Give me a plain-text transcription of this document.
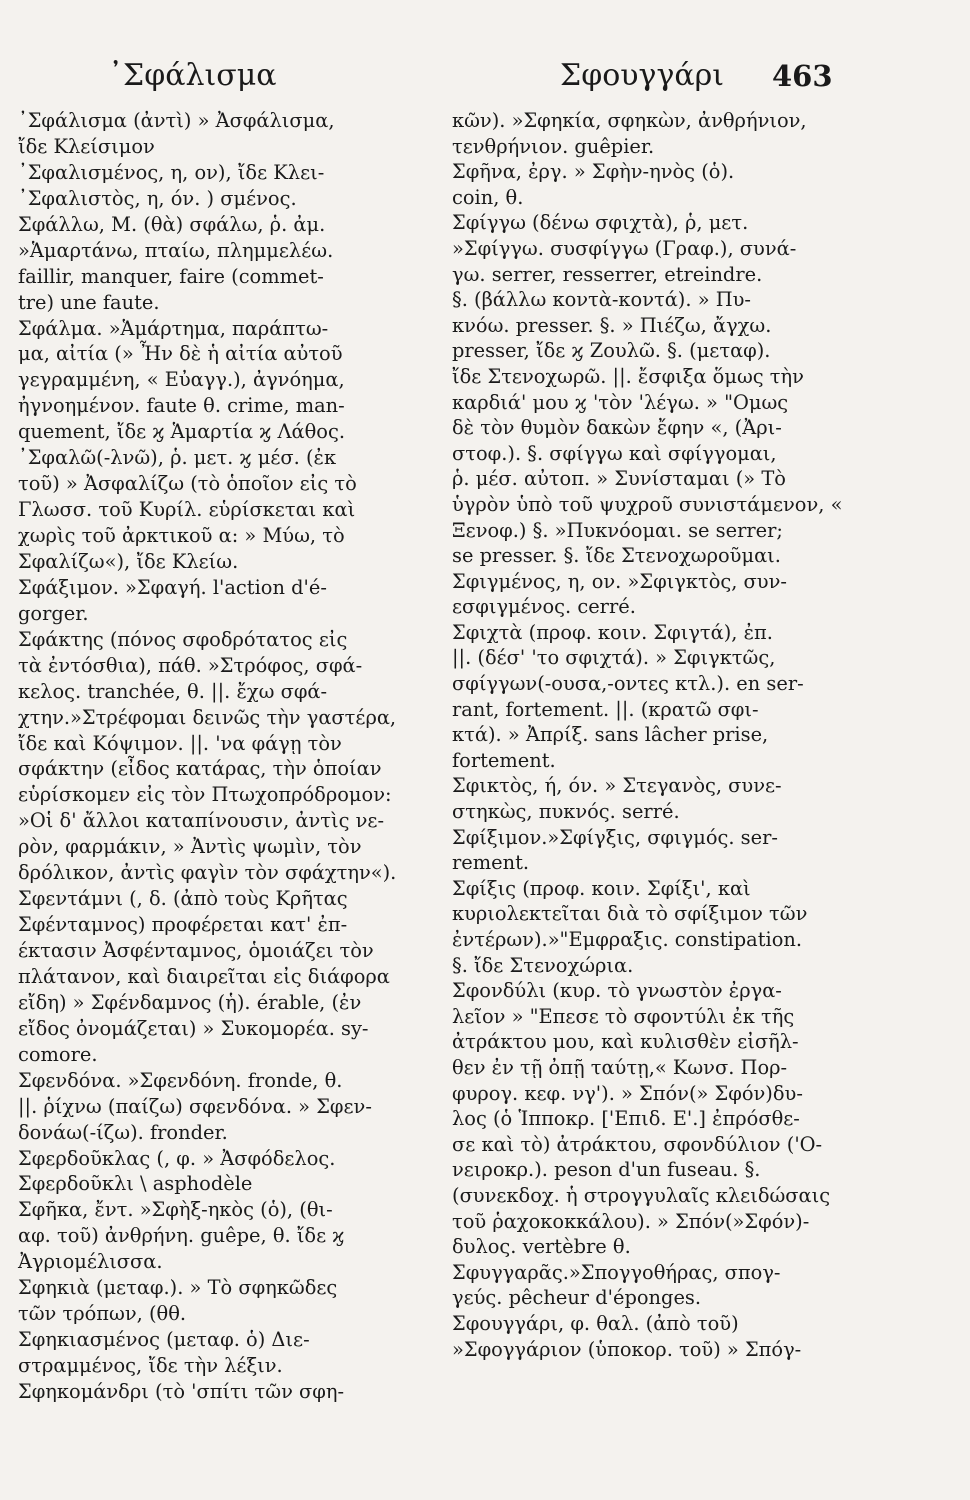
᾿Σφάλισμα	Σφουγγάρι 463
᾿Σφάλισμα (ἀντὶ) » Ἀσφάλισμα,
ἴδε Κλείσιμον
᾿Σφαλισμένος, η, ον), ἴδε Κλει-
᾿Σφαλιστὸς, η, όν. ) σμένος.
Σφάλλω, Μ. (θὰ) σφάλω, ῥ. ἀμ.
»Ἁμαρτάνω, πταίω, πλημμελέω.
faillir, manquer, faire (commet-
tre) une faute.
Σφάλμα. »Ἁμάρτημα, παράπτω-
μα, αἰτία (» Ἦν δὲ ἡ αἰτία αὐτοῦ
γεγραμμένη, « Εὐαγγ.), ἀγνόημα,
ἠγνοημένον. faute θ. crime, man-
quement, ἴδε ϗ Ἁμαρτία ϗ Λάθος.
᾿Σφαλῶ(-λνῶ), ῥ. μετ. ϗ μέσ. (ἐκ
τοῦ) » Ἀσφαλίζω (τὸ ὁποῖον εἰς τὸ
Γλωσσ. τοῦ Κυρίλ. εὑρίσκεται καὶ
χωρὶς τοῦ ἀρκτικοῦ α: » Μύω, τὸ
Σφαλίζω«), ἴδε Κλείω.
Σφάξιμον. »Σφαγή. l'action d'é-
gorger.
Σφάκτης (πόνος σφοδρότατος εἰς
τὰ ἐντόσθια), πάθ. »Στρόφος, σφά-
κελος. tranchée, θ. ||. ἔχω σφά-
χτην.»Στρέφομαι δεινῶς τὴν γαστέρα,
ἴδε καὶ Κόψιμον. ||. 'να φάγῃ τὸν
σφάκτην (εἶδος κατάρας, τὴν ὁποίαν
εὑρίσκομεν εἰς τὸν Πτωχοπρόδρομον:
»Οἱ δ' ἄλλοι καταπίνουσιν, ἀντὶς νε-
ρὸν, φαρμάκιν, » Ἀντὶς ψωμὶν, τὸν
δρόλικον, ἀντὶς φαγὶν τὸν σφάχτην«).
Σφεντάμνι (, δ. (ἀπὸ τοὺς Κρῆτας
Σφένταμνος) προφέρεται κατ' ἐπ-
έκτασιν Ἀσφένταμνος, ὁμοιάζει τὸν
πλάτανον, καὶ διαιρεῖται εἰς διάφορα
εἴδη) » Σφένδαμνος (ἡ). érable, (ἐν
εἴδος ὀνομάζεται) » Συκομορέα. sy-
comore.
Σφενδόνα. »Σφενδόνη. fronde, θ.
||. ῥίχνω (παίζω) σφενδόνα. » Σφεν-
δονάω(-ίζω). fronder.
Σφερδοῦκλας (, φ. » Ἀσφόδελος.
Σφερδοῦκλι \ asphodèle
Σφῆκα, ἔντ. »Σφὴξ-ηκὸς (ὁ), (θι-
αφ. τοῦ) ἀνθρήνη. guêpe, θ. ἴδε ϗ
Ἀγριομέλισσα.
Σφηκιὰ (μεταφ.). » Τὸ σφηκῶδες
τῶν τρόπων, (θθ.
Σφηκιασμένος (μεταφ. ὁ) Διε-
στραμμένος, ἴδε τὴν λέξιν.
Σφηκομάνδρι (τὸ 'σπίτι τῶν σφη-
κῶν). »Σφηκία, σφηκὼν, ἀνθρήνιον,
τενθρήνιον. guêpier.
Σφῆνα, ἐργ. » Σφὴν-ηνὸς (ὁ).
coin, θ.
Σφίγγω (δένω σφιχτὰ), ῥ, μετ.
»Σφίγγω. συσφίγγω (Γραφ.), συνά-
γω. serrer, resserrer, etreindre.
§. (βάλλω κοντὰ-κοντά). » Πυ-
κνόω. presser. §. » Πιέζω, ἄγχω.
presser, ἴδε ϗ Ζουλῶ. §. (μεταφ).
ἴδε Στενοχωρῶ. ||. ἔσφιξα ὅμως τὴν
καρδιά' μου ϗ 'τὸν 'λέγω. » "Ομως
δὲ τὸν θυμὸν δακὼν ἔφην «, (Ἀρι-
στοφ.). §. σφίγγω καὶ σφίγγομαι,
ῥ. μέσ. αὐτοπ. » Συνίσταμαι (» Τὸ
ὑγρὸν ὑπὸ τοῦ ψυχροῦ συνιστάμενον, «
Ξενοφ.) §. »Πυκνόομαι. se serrer;
se presser. §. ἴδε Στενοχωροῦμαι.
Σφιγμένος, η, ον. »Σφιγκτὸς, συν-
εσφιγμένος. cerré.
Σφιχτὰ (προφ. κοιν. Σφιγτά), ἐπ.
||. (δέσ' 'το σφιχτά). » Σφιγκτῶς,
σφίγγων(-ουσα,-οντες κτλ.). en ser-
rant, fortement. ||. (κρατῶ σφι-
κτά). » Ἀπρίξ. sans lâcher prise,
fortement.
Σφικτὸς, ή, όν. » Στεγανὸς, συνε-
στηκὼς, πυκνός. serré.
Σφίξιμον.»Σφίγξις, σφιγμός. ser-
rement.
Σφίξις (προφ. κοιν. Σφίξι', καὶ
κυριολεκτεῖται διὰ τὸ σφίξιμον τῶν
ἐντέρων).»"Εμφραξις. constipation.
§. ἴδε Στενοχώρια.
Σφονδύλι (κυρ. τὸ γνωστὸν ἐργα-
λεῖον » "Επεσε τὸ σφοντύλι ἐκ τῆς
ἀτράκτου μου, καὶ κυλισθὲν εἰσῆλ-
θεν ἐν τῇ ὀπῇ ταύτῃ,« Κωνσ. Πορ-
φυρογ. κεφ. νγ'). » Σπόν(» Σφόν)δυ-
λος (ὁ Ἱπποκρ. ['Επιδ. Ε'.] ἐπρόσθε-
σε καὶ τὸ) ἀτράκτου, σφονδύλιον ('Ο-
νειροκρ.). peson d'un fuseau. §.
(συνεκδοχ. ἡ στρογγυλαῖς κλειδώσαις
τοῦ ῥαχοκοκκάλου). » Σπόν(»Σφόν)-
δυλος. vertèbre θ.
Σφυγγαρᾶς.»Σπογγοθήρας, σπογ-
γεύς. pêcheur d'éponges.
Σφουγγάρι, φ. θαλ. (ἀπὸ τοῦ)
»Σφογγάριον (ὑποκορ. τοῦ) » Σπόγ-
